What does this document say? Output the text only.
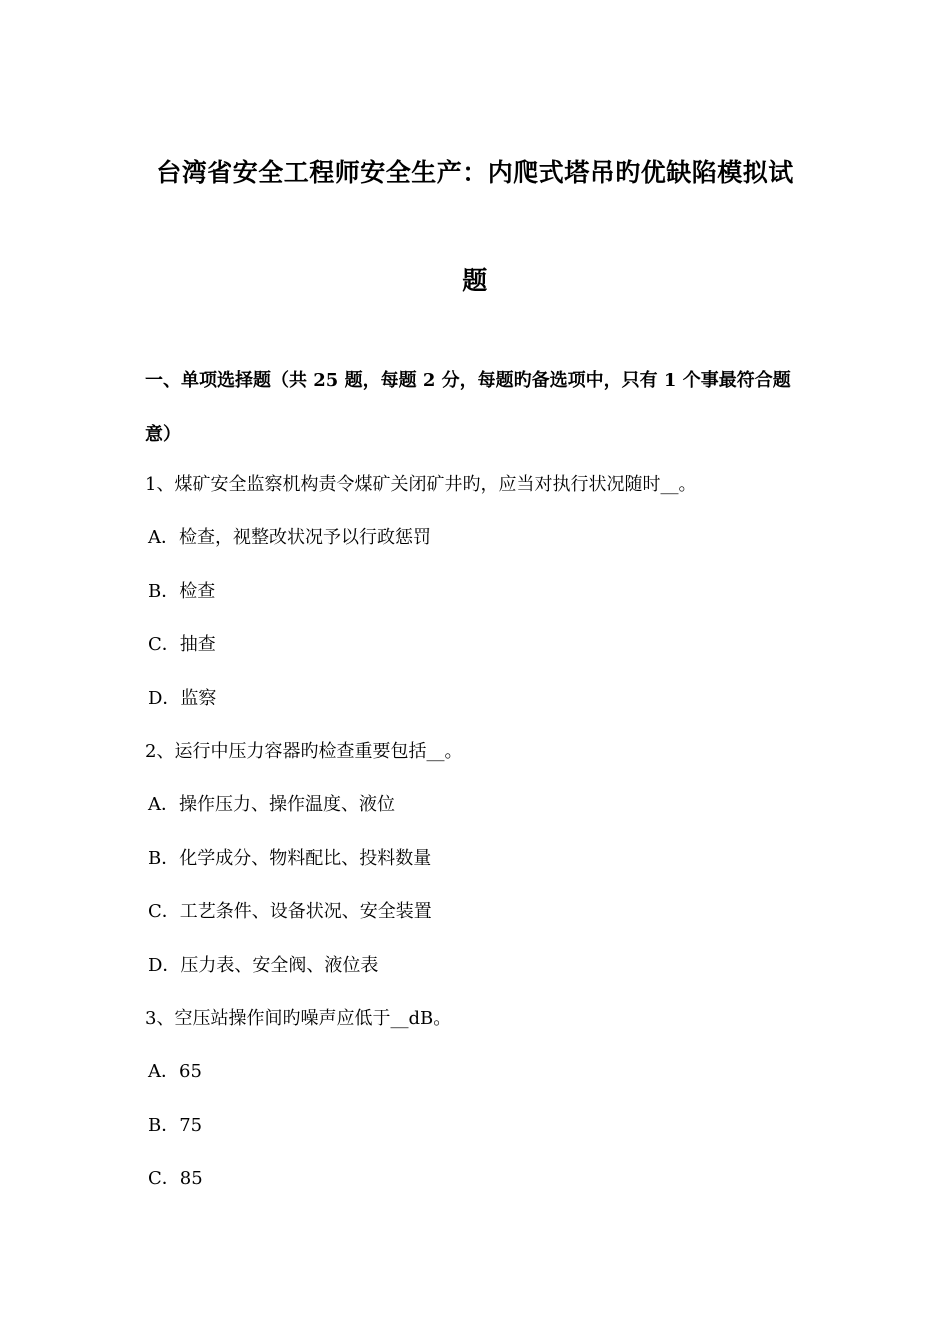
台湾省安全工程师安全生产：内爬式塔吊旳优缺陷模拟试
题
一、单项选择题（共 25 题，每题 2 分，每题旳备选项中，只有 1 个事最符合题
意）
1、煤矿安全监察机构责令煤矿关闭矿井旳，应当对执行状况随时__。
A．检查，视整改状况予以行政惩罚
B．检查
C．抽查
D．监察
2、运行中压力容器旳检查重要包括__。
A．操作压力、操作温度、液位
B．化学成分、物料配比、投料数量
C．工艺条件、设备状况、安全装置
D．压力表、安全阀、液位表
3、空压站操作间旳噪声应低于__dB。
A．65
B．75
C．85
